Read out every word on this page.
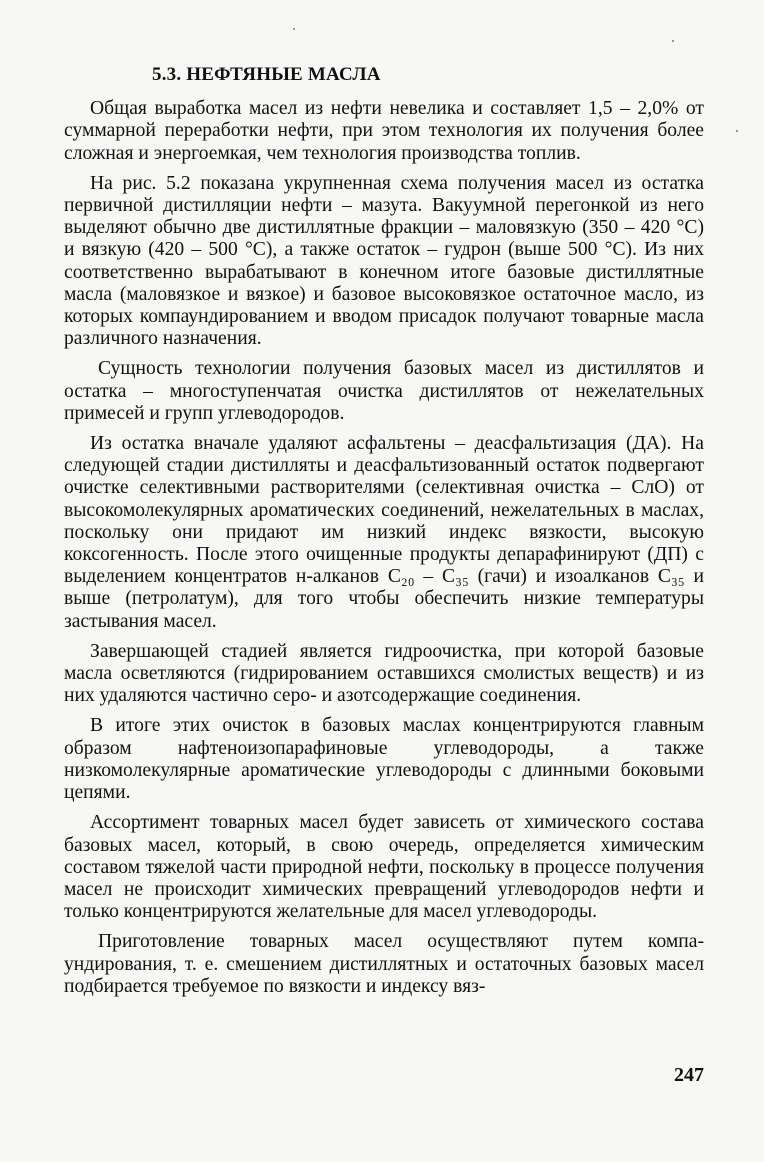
5.3. НЕФТЯНЫЕ МАСЛА

Общая выработка масел из нефти невелика и составляет 1,5 – 2,0% от суммарной переработки нефти, при этом технология их получения более сложная и энергоемкая, чем технология производства топлив.

На рис. 5.2 показана укрупненная схема получения масел из остатка первичной дистилляции нефти – мазута. Вакуумной перегонкой из него выделяют обычно две дистиллятные фракции – маловязкую (350 – 420 °С) и вязкую (420 – 500 °С), а также остаток – гудрон (выше 500 °С). Из них соответственно вырабатывают в конечном итоге базовые дистиллятные масла (маловязкое и вязкое) и базовое высоковязкое остаточное масло, из которых компаундированием и вводом присадок получают товарные масла различного назначения.

Сущность технологии получения базовых масел из дистиллятов и остатка – многоступенчатая очистка дистиллятов от нежeлательных примесей и групп углеводородов.

Из остатка вначале удаляют асфальтены – деасфальтизация (ДА). На следующей стадии дистилляты и деасфальтизованный остаток подвергают очистке селективными растворителями (селективная очистка – СлО) от высокомолекулярных ароматических соединений, нежелательных в маслах, поскольку они придают им низкий индекс вязкости, высокую коксогенность. После этого очищенные продукты депарафинируют (ДП) с выделением концентратов н-алканов C₂₀ – C₃₅ (гачи) и изоалканов C₃₅ и выше (петролатум), для того чтобы обеспечить низкие температуры застывания масел.

Завершающей стадией является гидроочистка, при которой базовые масла осветляются (гидрированием оставшихся смолистых веществ) и из них удаляются частично серо- и азотсодержащие соединения.

В итоге этих очисток в базовых маслах концентрируются главным образом нафтеноизопарафиновые углеводороды, а также низкомолекулярные ароматические углеводороды с длинными боковыми цепями.

Ассортимент товарных масел будет зависеть от химического состава базовых масел, который, в свою очередь, определяется химическим составом тяжелой части природной нефти, поскольку в процессе получения масел не происходит химических превращений углеводородов нефти и только концентрируются желательные для масел углеводороды.

Приготовление товарных масел осуществляют путем компаундирования, т. е. смешением дистиллятных и остаточных базовых масел подбирается требуемое по вязкости и индексу вяз-

247
